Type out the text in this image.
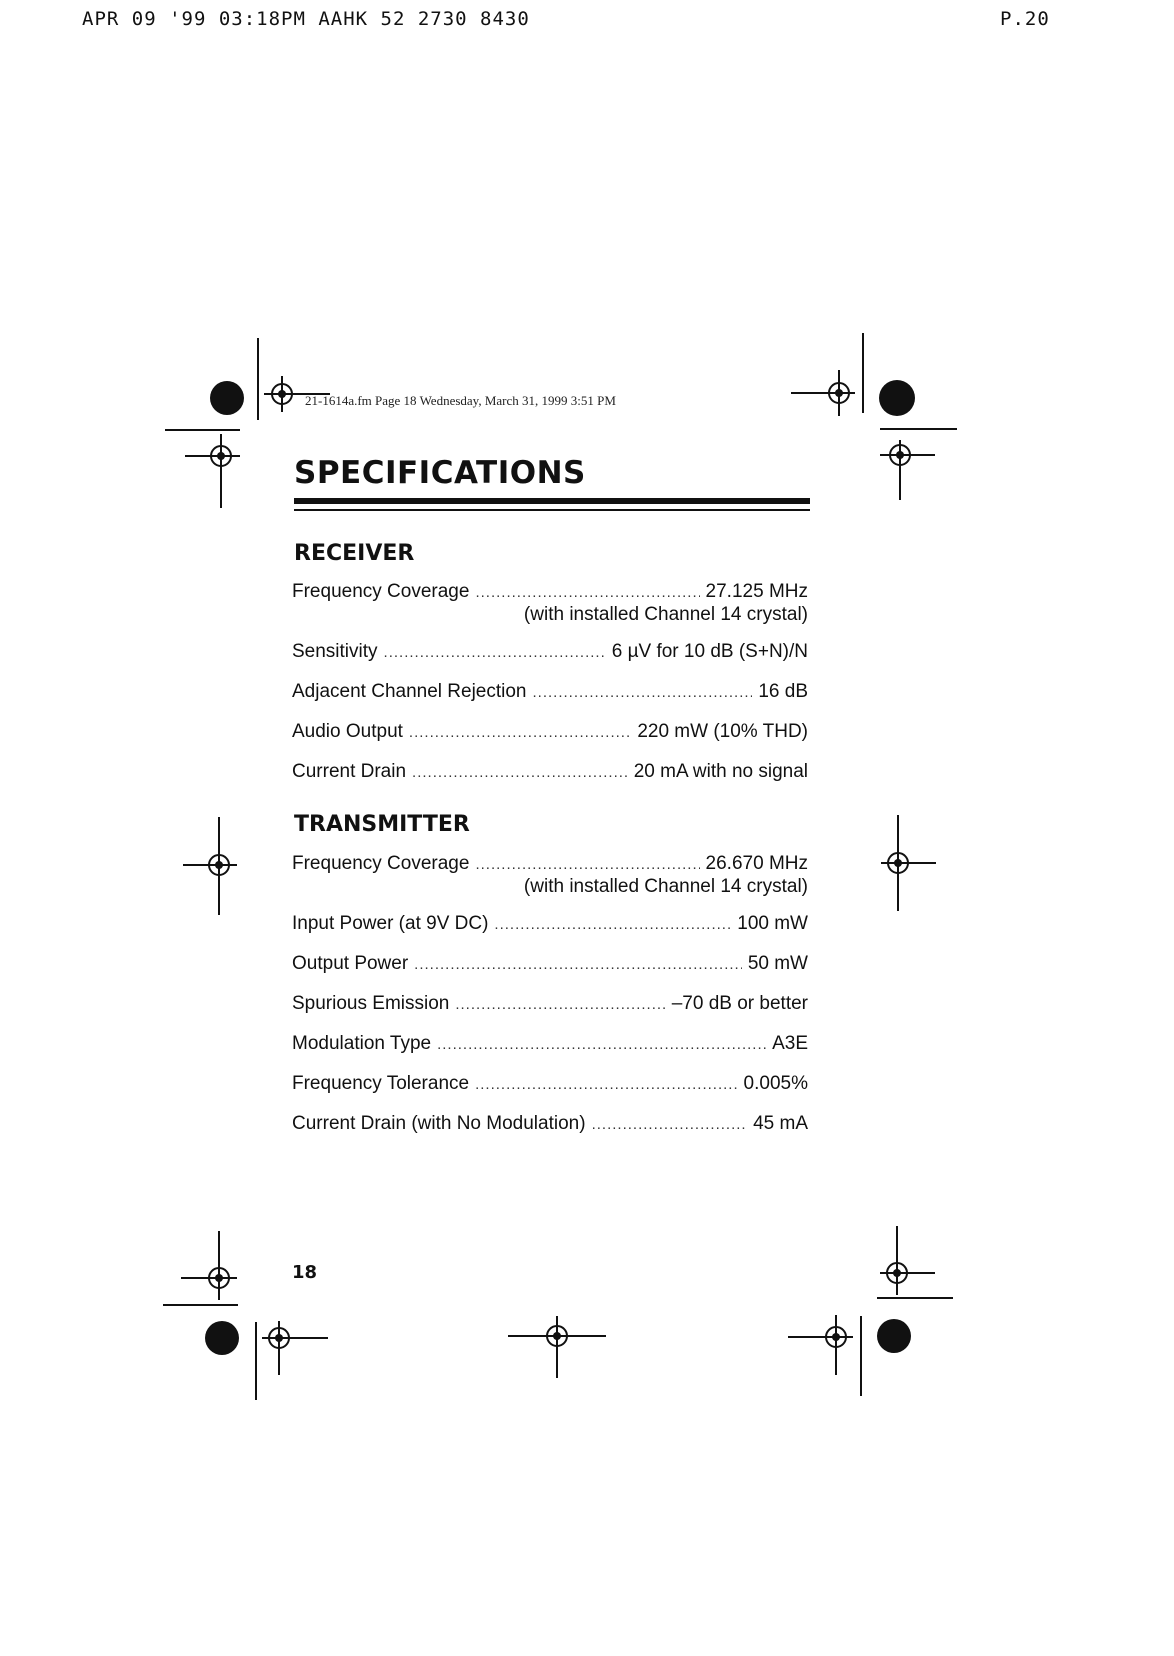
APR 09 '99 03:18PM AAHK 52 2730 8430	P.20
21-1614a.fm Page 18 Wednesday, March 31, 1999 3:51 PM
SPECIFICATIONS
RECEIVER
Frequency Coverage .....	27.125 MHz
(with installed Channel 14 crystal)
Sensitivity .....	6 µV for 10 dB (S+N)/N
Adjacent Channel Rejection .....	16 dB
Audio Output .....	220 mW (10% THD)
Current Drain .....	20 mA with no signal
TRANSMITTER
Frequency Coverage .....	26.670 MHz
(with installed Channel 14 crystal)
Input Power (at 9V DC) .....	100 mW
Output Power .....	50 mW
Spurious Emission .....	–70 dB or better
Modulation Type .....	A3E
Frequency Tolerance .....	0.005%
Current Drain (with No Modulation) .....	45 mA
18
